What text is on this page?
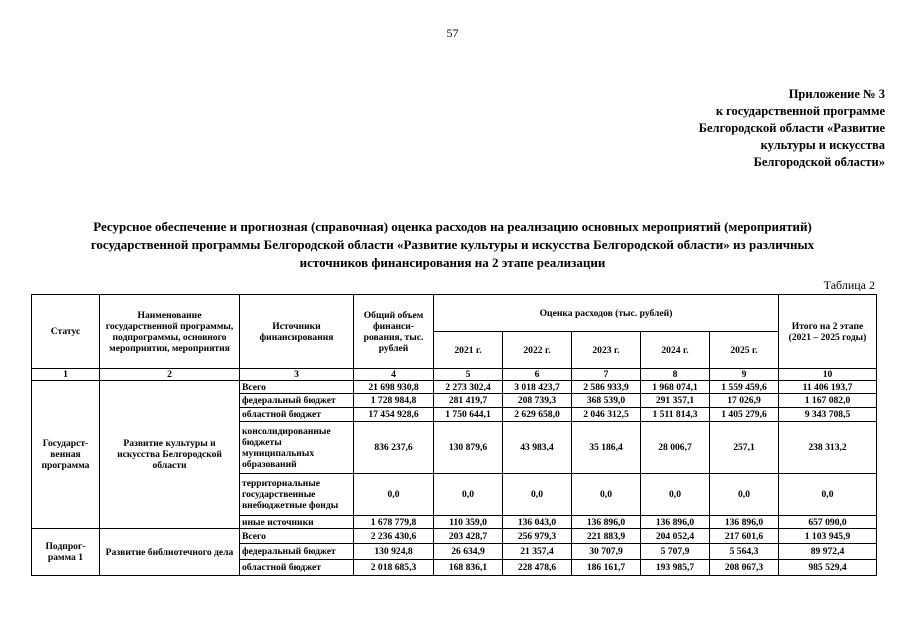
57
Приложение № 3
к государственной программе
Белгородской области «Развитие
культуры и искусства
Белгородской области»
Ресурсное обеспечение и прогнозная (справочная) оценка расходов на реализацию основных мероприятий (мероприятий)
государственной программы Белгородской области «Развитие культуры и искусства Белгородской области» из различных
источников финансирования на 2 этапе реализации
Таблица 2
Статус	Наименование государственной программы, подпрограммы, основного мероприятия, мероприятия	Источники финансирования	Общий объем финанси-рования, тыс. рублей	Оценка расходов (тыс. рублей)					Итого на 2 этапе (2021 – 2025 годы)
				2021 г.	2022 г.	2023 г.	2024 г.	2025 г.	
1	2	3	4	5	6	7	8	9	10
Государст-венная программа	Развитие культуры и искусства Белгородской области	Всего	21 698 930,8	2 273 302,4	3 018 423,7	2 586 933,9	1 968 074,1	1 559 459,6	11 406 193,7
		федеральный бюджет	1 728 984,8	281 419,7	208 739,3	368 539,0	291 357,1	17 026,9	1 167 082,0
		областной бюджет	17 454 928,6	1 750 644,1	2 629 658,0	2 046 312,5	1 511 814,3	1 405 279,6	9 343 708,5
		консолидированные бюджеты муниципальных образований	836 237,6	130 879,6	43 983,4	35 186,4	28 006,7	257,1	238 313,2
		территориальные государственные внебюджетные фонды	0,0	0,0	0,0	0,0	0,0	0,0	0,0
		иные источники	1 678 779,8	110 359,0	136 043,0	136 896,0	136 896,0	136 896,0	657 090,0
Подпрог-рамма 1	Развитие библиотечного дела	Всего	2 236 430,6	203 428,7	256 979,3	221 883,9	204 052,4	217 601,6	1 103 945,9
		федеральный бюджет	130 924,8	26 634,9	21 357,4	30 707,9	5 707,9	5 564,3	89 972,4
		областной бюджет	2 018 685,3	168 836,1	228 478,6	186 161,7	193 985,7	208 067,3	985 529,4
